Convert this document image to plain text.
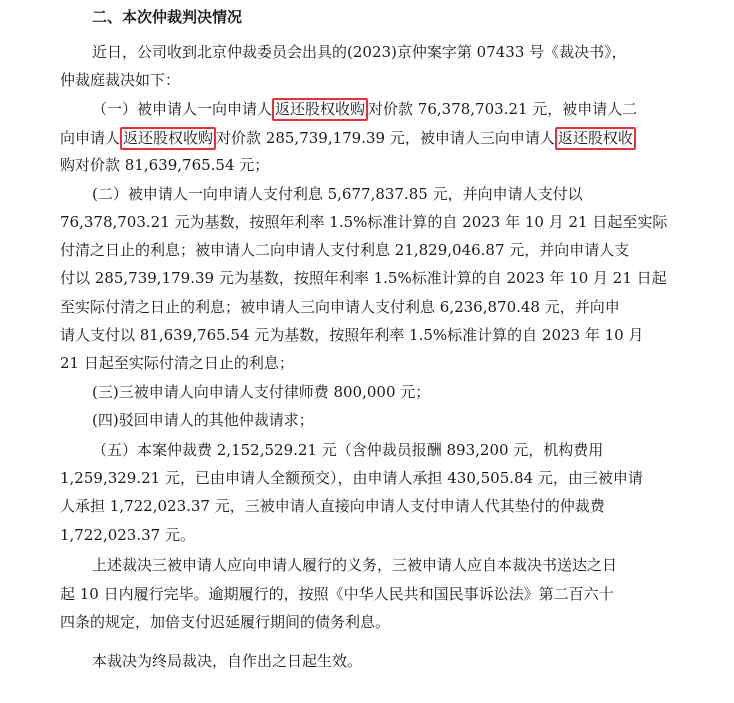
二、本次仲裁判决情况
近日，公司收到北京仲裁委员会出具的(2023)京仲案字第 07433 号《裁决书》，
仲裁庭裁决如下：
（一）被申请人一向申请人 返还股权收购 对价款 76,378,703.21 元，被申请人二
向申请人 返还股权收购 对价款 285,739,179.39 元，被申请人三向申请人 返还股权收
购对价款 81,639,765.54 元；
(二）被申请人一向申请人支付利息 5,677,837.85 元，并向申请人支付以
76,378,703.21 元为基数，按照年利率 1.5%标准计算的自 2023 年 10 月 21 日起至实际
付清之日止的利息；被申请人二向申请人支付利息 21,829,046.87 元，并向申请人支
付以 285,739,179.39 元为基数，按照年利率 1.5%标准计算的自 2023 年 10 月 21 日起
至实际付清之日止的利息；被申请人三向申请人支付利息 6,236,870.48 元，并向申
请人支付以 81,639,765.54 元为基数，按照年利率 1.5%标准计算的自 2023 年 10 月
21 日起至实际付清之日止的利息；
(三)三被申请人向申请人支付律师费 800,000 元；
(四)驳回申请人的其他仲裁请求；
（五）本案仲裁费 2,152,529.21 元（含仲裁员报酬 893,200 元，机构费用
1,259,329.21 元，已由申请人全额预交），由申请人承担 430,505.84 元，由三被申请
人承担 1,722,023.37 元，三被申请人直接向申请人支付申请人代其垫付的仲裁费
1,722,023.37 元。
上述裁决三被申请人应向申请人履行的义务，三被申请人应自本裁决书送达之日
起 10 日内履行完毕。逾期履行的，按照《中华人民共和国民事诉讼法》第二百六十
四条的规定，加倍支付迟延履行期间的债务利息。
本裁决为终局裁决，自作出之日起生效。
